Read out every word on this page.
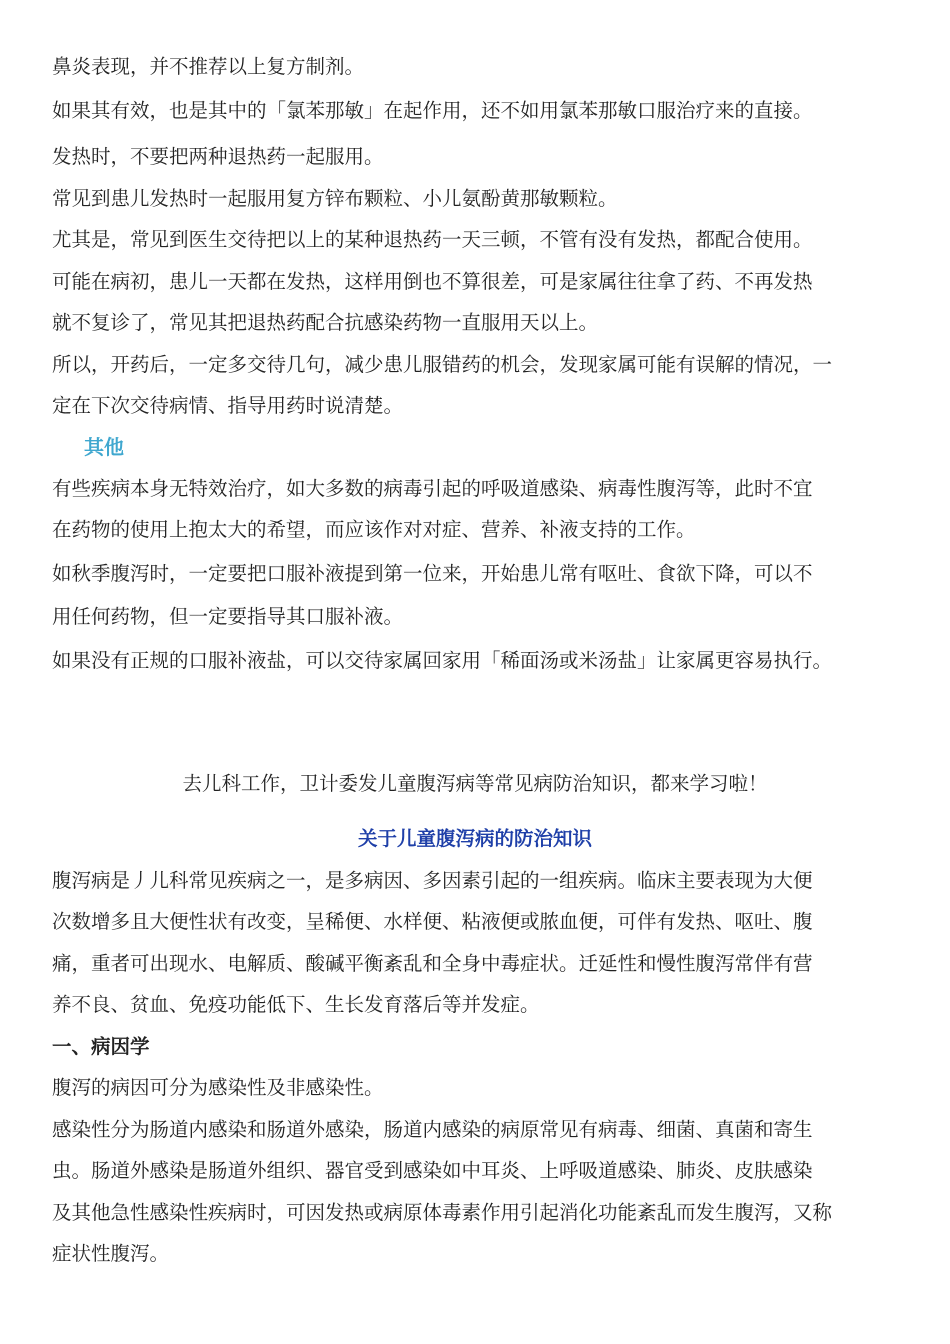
鼻炎表现，并不推荐以上复方制剂。

如果其有效，也是其中的「氯苯那敏」在起作用，还不如用氯苯那敏口服治疗来的直接。

发热时，不要把两种退热药一起服用。

常见到患儿发热时一起服用复方锌布颗粒、小儿氨酚黄那敏颗粒。

尤其是，常见到医生交待把以上的某种退热药一天三顿，不管有没有发热，都配合使用。

可能在病初，患儿一天都在发热，这样用倒也不算很差，可是家属往往拿了药、不再发热

就不复诊了，常见其把退热药配合抗感染药物一直服用天以上。

所以，开药后，一定多交待几句，减少患儿服错药的机会，发现家属可能有误解的情况，一

定在下次交待病情、指导用药时说清楚。

其他

有些疾病本身无特效治疗，如大多数的病毒引起的呼吸道感染、病毒性腹泻等，此时不宜

在药物的使用上抱太大的希望，而应该作对对症、营养、补液支持的工作。

如秋季腹泻时，一定要把口服补液提到第一位来，开始患儿常有呕吐、食欲下降，可以不

用任何药物，但一定要指导其口服补液。

如果没有正规的口服补液盐，可以交待家属回家用「稀面汤或米汤盐」让家属更容易执行。

去儿科工作，卫计委发儿童腹泻病等常见病防治知识，都来学习啦！
关于儿童腹泻病的防治知识

腹泻病是丿儿科常见疾病之一，是多病因、多因素引起的一组疾病。临床主要表现为大便

次数增多且大便性状有改变，呈稀便、水样便、粘液便或脓血便，可伴有发热、呕吐、腹

痛，重者可出现水、电解质、酸碱平衡紊乱和全身中毒症状。迁延性和慢性腹泻常伴有营

养不良、贫血、免疫功能低下、生长发育落后等并发症。

一、病因学

腹泻的病因可分为感染性及非感染性。

感染性分为肠道内感染和肠道外感染，肠道内感染的病原常见有病毒、细菌、真菌和寄生

虫。肠道外感染是肠道外组织、器官受到感染如中耳炎、上呼吸道感染、肺炎、皮肤感染

及其他急性感染性疾病时，可因发热或病原体毒素作用引起消化功能紊乱而发生腹泻，又称

症状性腹泻。
